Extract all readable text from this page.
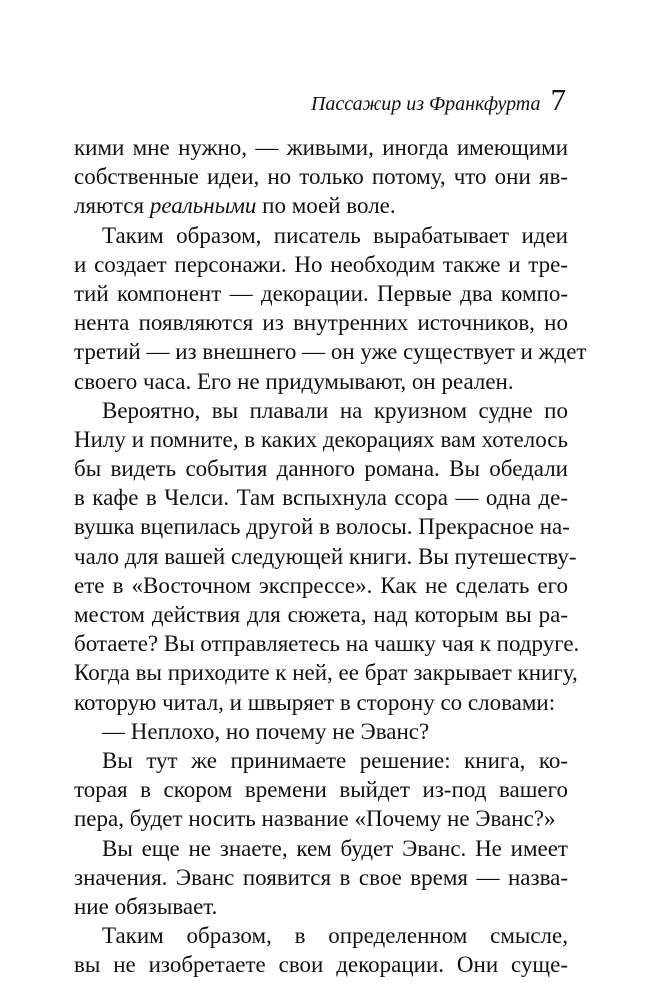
Пассажир из Франкфурта 7
кими мне нужно, — живыми, иногда имеющими
собственные идеи, но только потому, что они яв-
ляются реальными по моей воле.
Таким образом, писатель вырабатывает идеи
и создает персонажи. Но необходим также и тре-
тий компонент — декорации. Первые два компо-
нента появляются из внутренних источников, но
третий — из внешнего — он уже существует и ждет
своего часа. Его не придумывают, он реален.
Вероятно, вы плавали на круизном судне по
Нилу и помните, в каких декорациях вам хотелось
бы видеть события данного романа. Вы обедали
в кафе в Челси. Там вспыхнула ссора — одна де-
вушка вцепилась другой в волосы. Прекрасное на-
чало для вашей следующей книги. Вы путешеству-
ете в «Восточном экспрессе». Как не сделать его
местом действия для сюжета, над которым вы ра-
ботаете? Вы отправляетесь на чашку чая к подруге.
Когда вы приходите к ней, ее брат закрывает книгу,
которую читал, и швыряет в сторону со словами:
— Неплохо, но почему не Эванс?
Вы тут же принимаете решение: книга, ко-
торая в скором времени выйдет из-под вашего
пера, будет носить название «Почему не Эванс?»
Вы еще не знаете, кем будет Эванс. Не имеет
значения. Эванс появится в свое время — назва-
ние обязывает.
Таким образом, в определенном смысле,
вы не изобретаете свои декорации. Они суще-
